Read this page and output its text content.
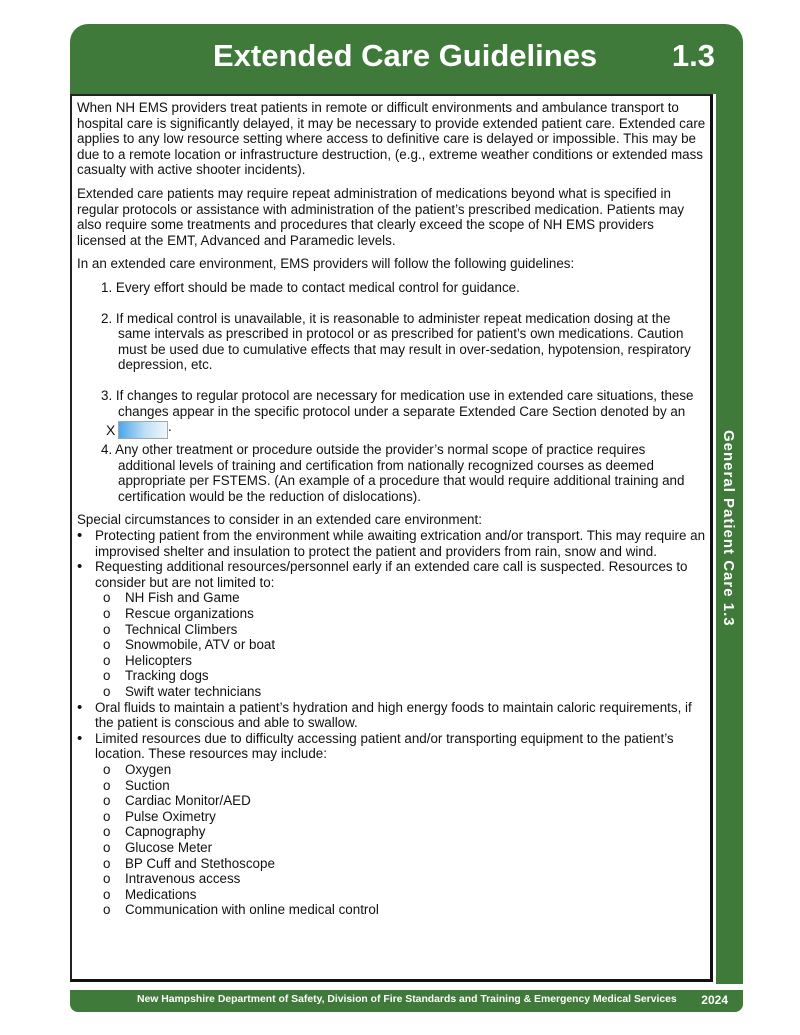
Extended Care Guidelines 1.3
General Patient Care 1.3

When NH EMS providers treat patients in remote or difficult environments and ambulance transport to hospital care is significantly delayed, it may be necessary to provide extended patient care. Extended care applies to any low resource setting where access to definitive care is delayed or impossible. This may be due to a remote location or infrastructure destruction, (e.g., extreme weather conditions or extended mass casualty with active shooter incidents).

Extended care patients may require repeat administration of medications beyond what is specified in regular protocols or assistance with administration of the patient’s prescribed medication. Patients may also require some treatments and procedures that clearly exceed the scope of NH EMS providers licensed at the EMT, Advanced and Paramedic levels.

In an extended care environment, EMS providers will follow the following guidelines:

1. Every effort should be made to contact medical control for guidance.
2. If medical control is unavailable, it is reasonable to administer repeat medication dosing at the same intervals as prescribed in protocol or as prescribed for patient’s own medications. Caution must be used due to cumulative effects that may result in over-sedation, hypotension, respiratory depression, etc.
3. If changes to regular protocol are necessary for medication use in extended care situations, these changes appear in the specific protocol under a separate Extended Care Section denoted by an X	.
4. Any other treatment or procedure outside the provider’s normal scope of practice requires additional levels of training and certification from nationally recognized courses as deemed appropriate per FSTEMS. (An example of a procedure that would require additional training and certification would be the reduction of dislocations).
Special circumstances to consider in an extended care environment:
• Protecting patient from the environment while awaiting extrication and/or transport. This may require an improvised shelter and insulation to protect the patient and providers from rain, snow and wind.
• Requesting additional resources/personnel early if an extended care call is suspected. Resources to consider but are not limited to:
o NH Fish and Game
o Rescue organizations
o Technical Climbers
o Snowmobile, ATV or boat
o Helicopters
o Tracking dogs
o Swift water technicians
• Oral fluids to maintain a patient’s hydration and high energy foods to maintain caloric requirements, if the patient is conscious and able to swallow.
• Limited resources due to difficulty accessing patient and/or transporting equipment to the patient’s location. These resources may include:
o Oxygen
o Suction
o Cardiac Monitor/AED
o Pulse Oximetry
o Capnography
o Glucose Meter
o BP Cuff and Stethoscope
o Intravenous access
o Medications
o Communication with online medical control
New Hampshire Department of Safety, Division of Fire Standards and Training & Emergency Medical Services 2024
